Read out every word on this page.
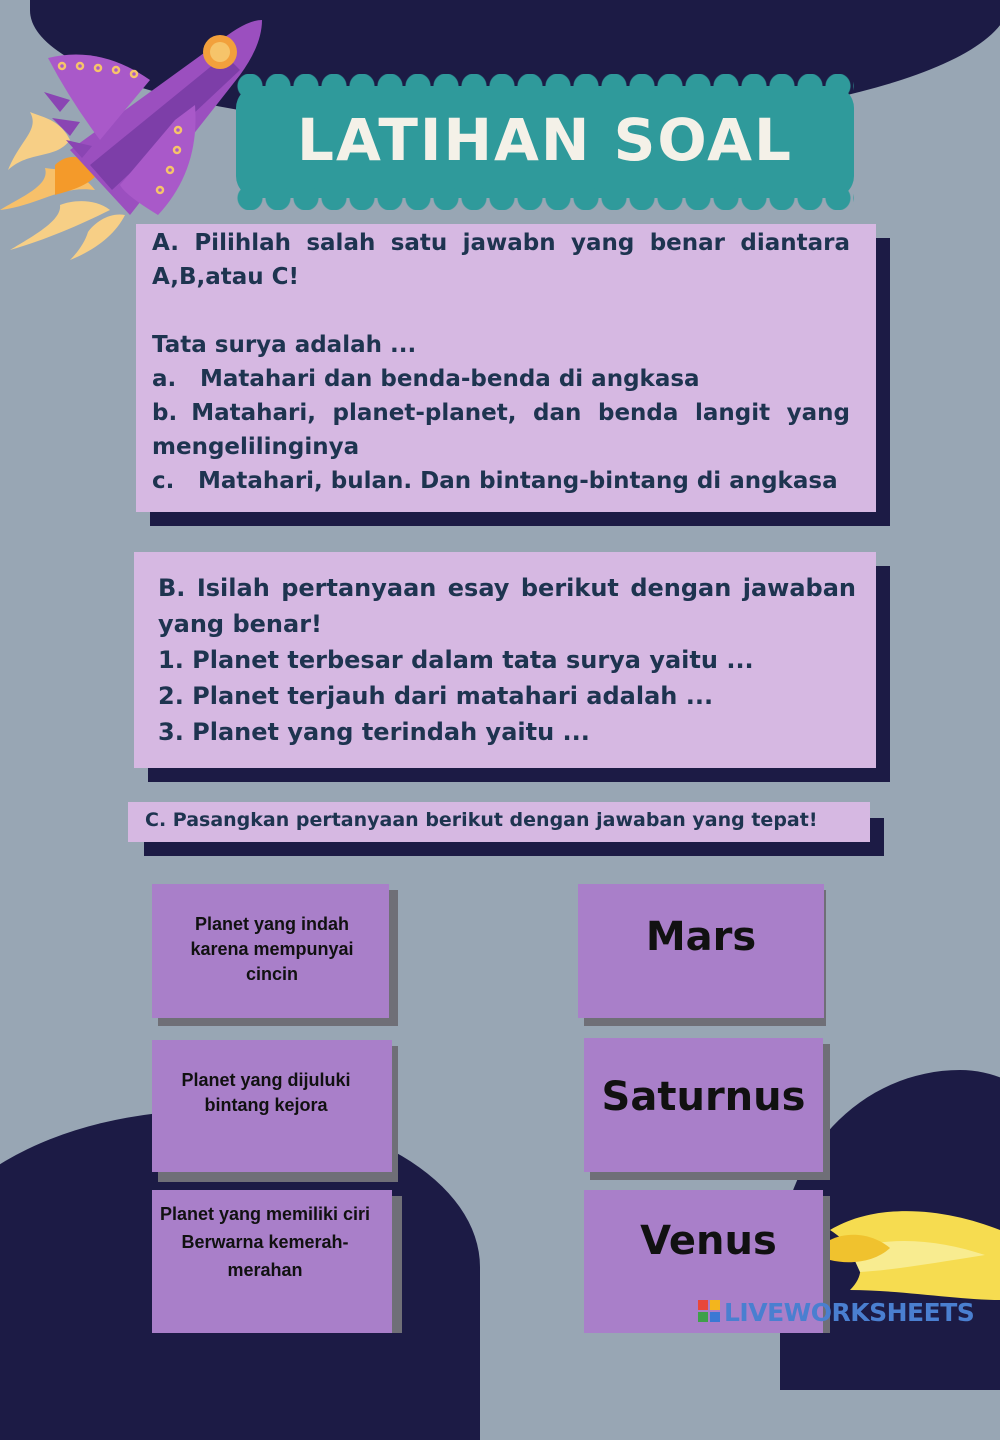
LATIHAN SOAL
A. Pilihlah salah satu jawabn yang benar diantara A,B,atau C!
Tata surya adalah ...
a. Matahari dan benda-benda di angkasa
b. Matahari, planet-planet, dan benda langit yang mengelilinginya
c. Matahari, bulan. Dan bintang-bintang di angkasa
B. Isilah pertanyaan esay berikut dengan jawaban yang benar!
1. Planet terbesar dalam tata surya yaitu ...
2. Planet terjauh dari matahari adalah ...
3. Planet yang terindah yaitu ...
C. Pasangkan pertanyaan berikut dengan jawaban yang tepat!
Planet yang indah karena mempunyai cincin
Planet yang dijuluki bintang kejora
Planet yang memiliki ciri Berwarna kemerah-merahan
Mars
Saturnus
Venus
LIVEWORKSHEETS
